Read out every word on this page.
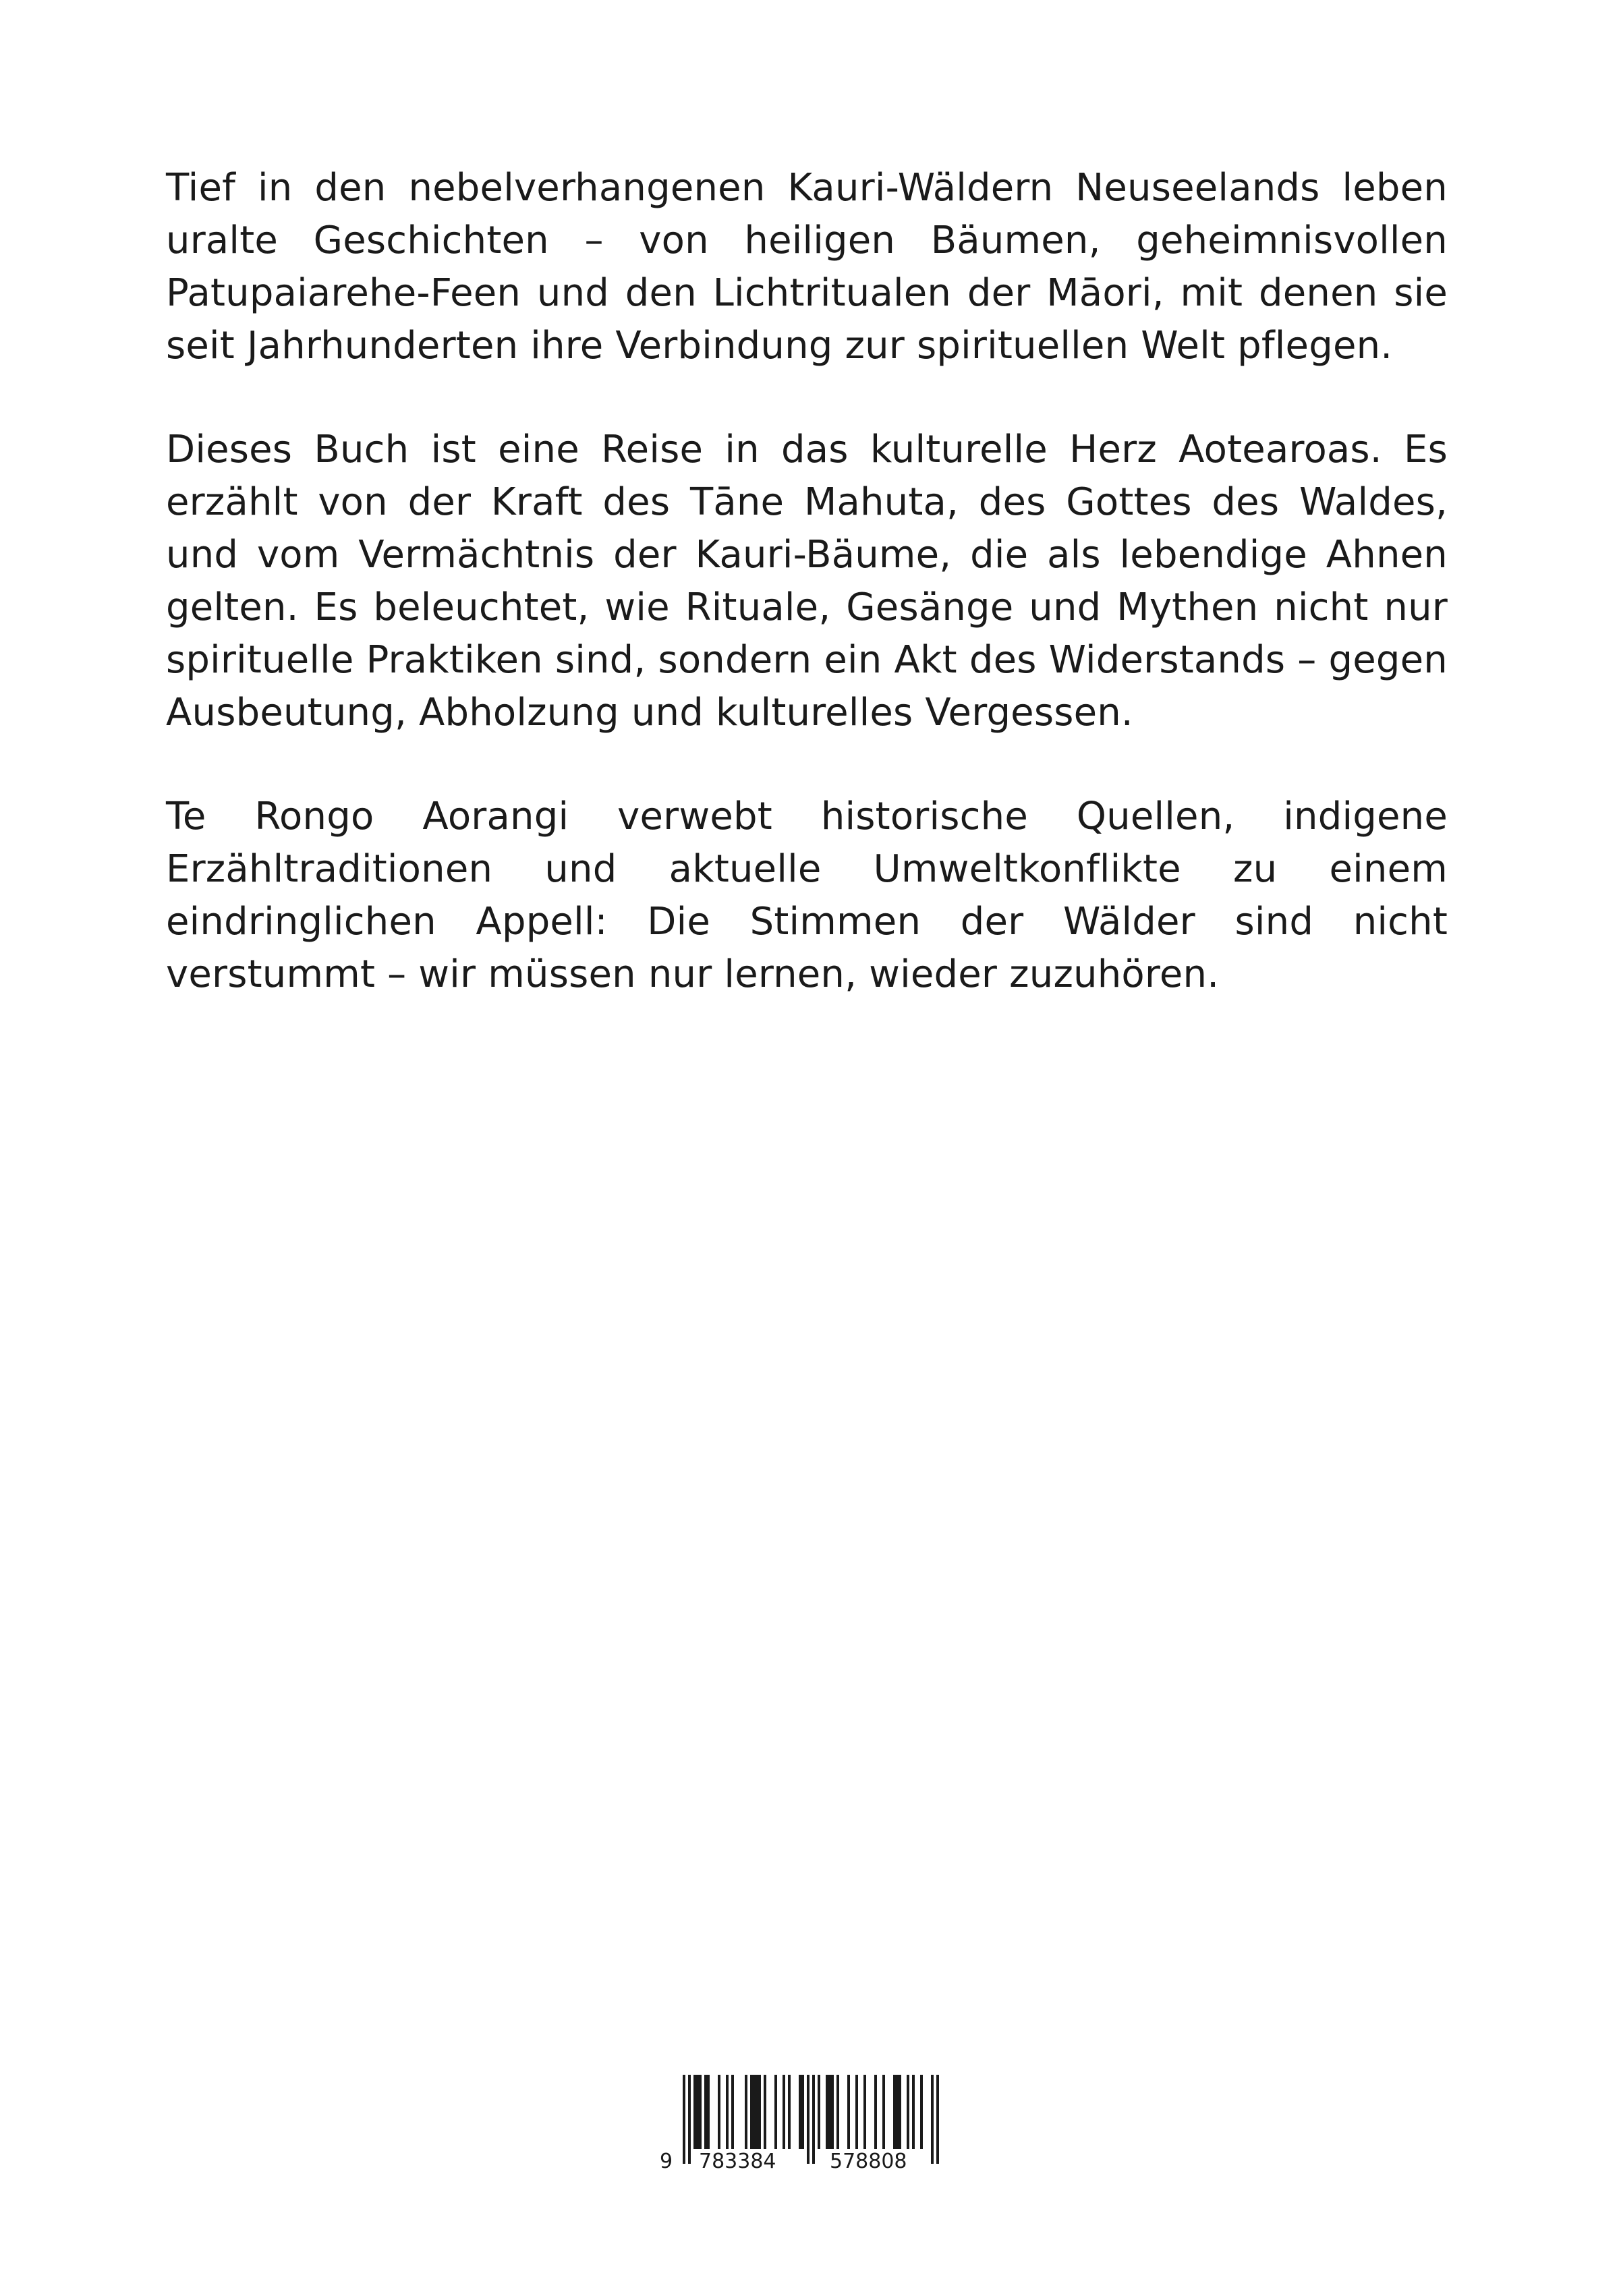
Tief in den nebelverhangenen Kauri-Wäldern Neuseelands leben uralte Geschichten – von heiligen Bäumen, geheimnisvollen Patupaiarehe-Feen und den Lichtritualen der Māori, mit denen sie seit Jahrhunderten ihre Verbindung zur spirituellen Welt pflegen.

Dieses Buch ist eine Reise in das kulturelle Herz Aotearoas. Es erzählt von der Kraft des Tāne Mahuta, des Gottes des Waldes, und vom Vermächtnis der Kauri-Bäume, die als lebendige Ahnen gelten. Es beleuchtet, wie Rituale, Gesänge und Mythen nicht nur spirituelle Praktiken sind, sondern ein Akt des Widerstands – gegen Ausbeutung, Abholzung und kulturelles Vergessen.

Te Rongo Aorangi verwebt historische Quellen, indigene Erzähltraditionen und aktuelle Umweltkonflikte zu einem eindringlichen Appell: Die Stimmen der Wälder sind nicht verstummt – wir müssen nur lernen, wieder zuzuhören.

9 783384	578808
